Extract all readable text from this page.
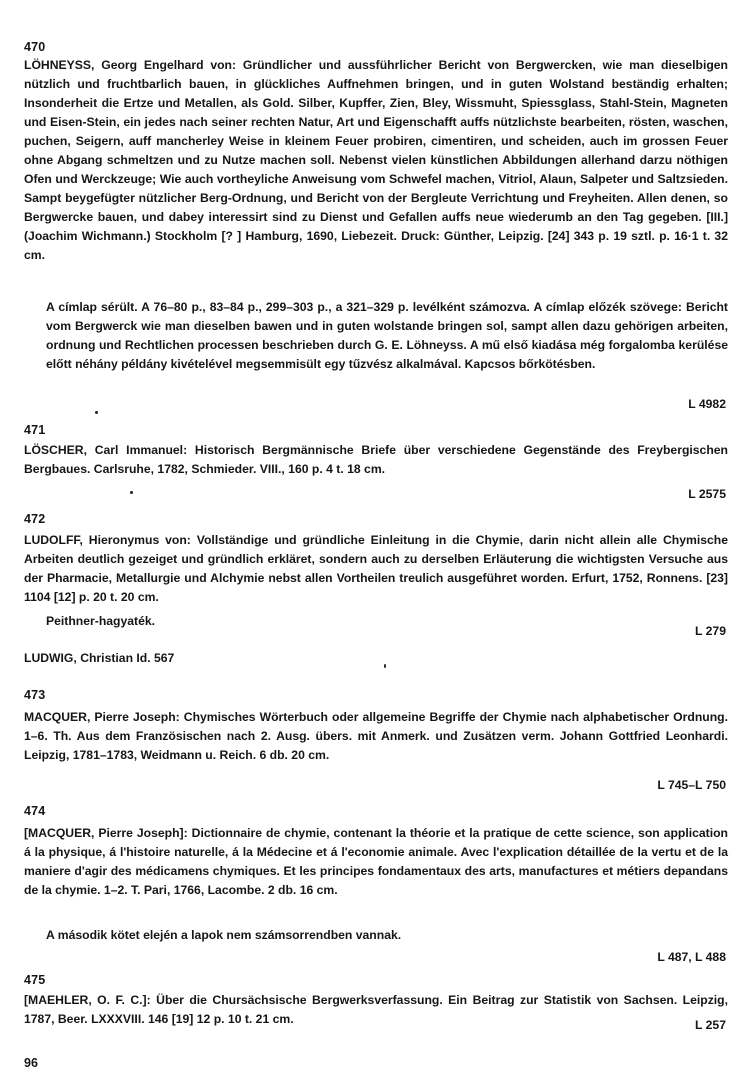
470

LÖHNEYSS, Georg Engelhard von: Gründlicher und aussführlicher Bericht von Bergwercken, wie man dieselbigen nützlich und fruchtbarlich bauen, in glückliches Auffnehmen bringen, und in guten Wolstand beständig erhalten; Insonderheit die Ertze und Metallen, als Gold. Silber, Kupffer, Zien, Bley, Wissmuht, Spiessglass, Stahl-Stein, Magneten und Eisen-Stein, ein jedes nach seiner rechten Natur, Art und Eigenschafft auffs nützlichste bearbeiten, rösten, waschen, puchen, Seigern, auff mancherley Weise in kleinem Feuer probiren, cimentiren, und scheiden, auch im grossen Feuer ohne Abgang schmeltzen und zu Nutze machen soll. Nebenst vielen künstlichen Abbildungen allerhand darzu nöthigen Ofen und Werckzeuge; Wie auch vortheyliche Anweisung vom Schwefel machen, Vitriol, Alaun, Salpeter und Saltzsieden. Sampt beygefügter nützlicher Berg-Ordnung, und Bericht von der Bergleute Verrichtung und Freyheiten. Allen denen, so Bergwercke bauen, und dabey interessirt sind zu Dienst und Gefallen auffs neue wiederumb an den Tag gegeben. [III.] (Joachim Wichmann.) Stockholm [? ] Hamburg, 1690, Liebezeit. Druck: Günther, Leipzig. [24] 343 p. 19 sztl. p. 16·1 t. 32 cm.

A címlap sérült. A 76–80 p., 83–84 p., 299–303 p., a 321–329 p. levélként számozva. A címlap előzék szövege: Bericht vom Bergwerck wie man dieselben bawen und in guten wolstande bringen sol, sampt allen dazu gehörigen arbeiten, ordnung und Rechtlichen processen beschrieben durch G. E. Löhneyss. A mű első kiadása még forgalomba kerülése előtt néhány példány kivételével megsemmisült egy tűzvész alkalmával. Kapcsos bőrkötésben.

L 4982
471

LÖSCHER, Carl Immanuel: Historisch Bergmännische Briefe über verschiedene Gegenstände des Freybergischen Bergbaues. Carlsruhe, 1782, Schmieder. VIII., 160 p. 4 t. 18 cm.

L 2575
472

LUDOLFF, Hieronymus von: Vollständige und gründliche Einleitung in die Chymie, darin nicht allein alle Chymische Arbeiten deutlich gezeiget und gründlich erkläret, sondern auch zu derselben Erläuterung die wichtigsten Versuche aus der Pharmacie, Metallurgie und Alchymie nebst allen Vortheilen treulich ausgeführet worden. Erfurt, 1752, Ronnens. [23] 1104 [12] p. 20 t. 20 cm.

Peithner-hagyaték.

L 279
LUDWIG, Christian Id. 567
473

MACQUER, Pierre Joseph: Chymisches Wörterbuch oder allgemeine Begriffe der Chymie nach alphabetischer Ordnung. 1–6. Th. Aus dem Französischen nach 2. Ausg. übers. mit Anmerk. und Zusätzen verm. Johann Gottfried Leonhardi. Leipzig, 1781–1783, Weidmann u. Reich. 6 db. 20 cm.

L 745–L 750
474

[MACQUER, Pierre Joseph]: Dictionnaire de chymie, contenant la théorie et la pratique de cette science, son application á la physique, á l'histoire naturelle, á la Médecine et á l'economie animale. Avec l'explication détaillée de la vertu et de la maniere d'agir des médicamens chymiques. Et les principes fondamentaux des arts, manufactures et métiers depandans de la chymie. 1–2. T. Pari, 1766, Lacombe. 2 db. 16 cm.

A második kötet elején a lapok nem számsorrendben vannak.

L 487, L 488
475

[MAEHLER, O. F. C.]: Über die Chursächsische Bergwerksverfassung. Ein Beitrag zur Statistik von Sachsen. Leipzig, 1787, Beer. LXXXVIII. 146 [19] 12 p. 10 t. 21 cm.	L 257
96
